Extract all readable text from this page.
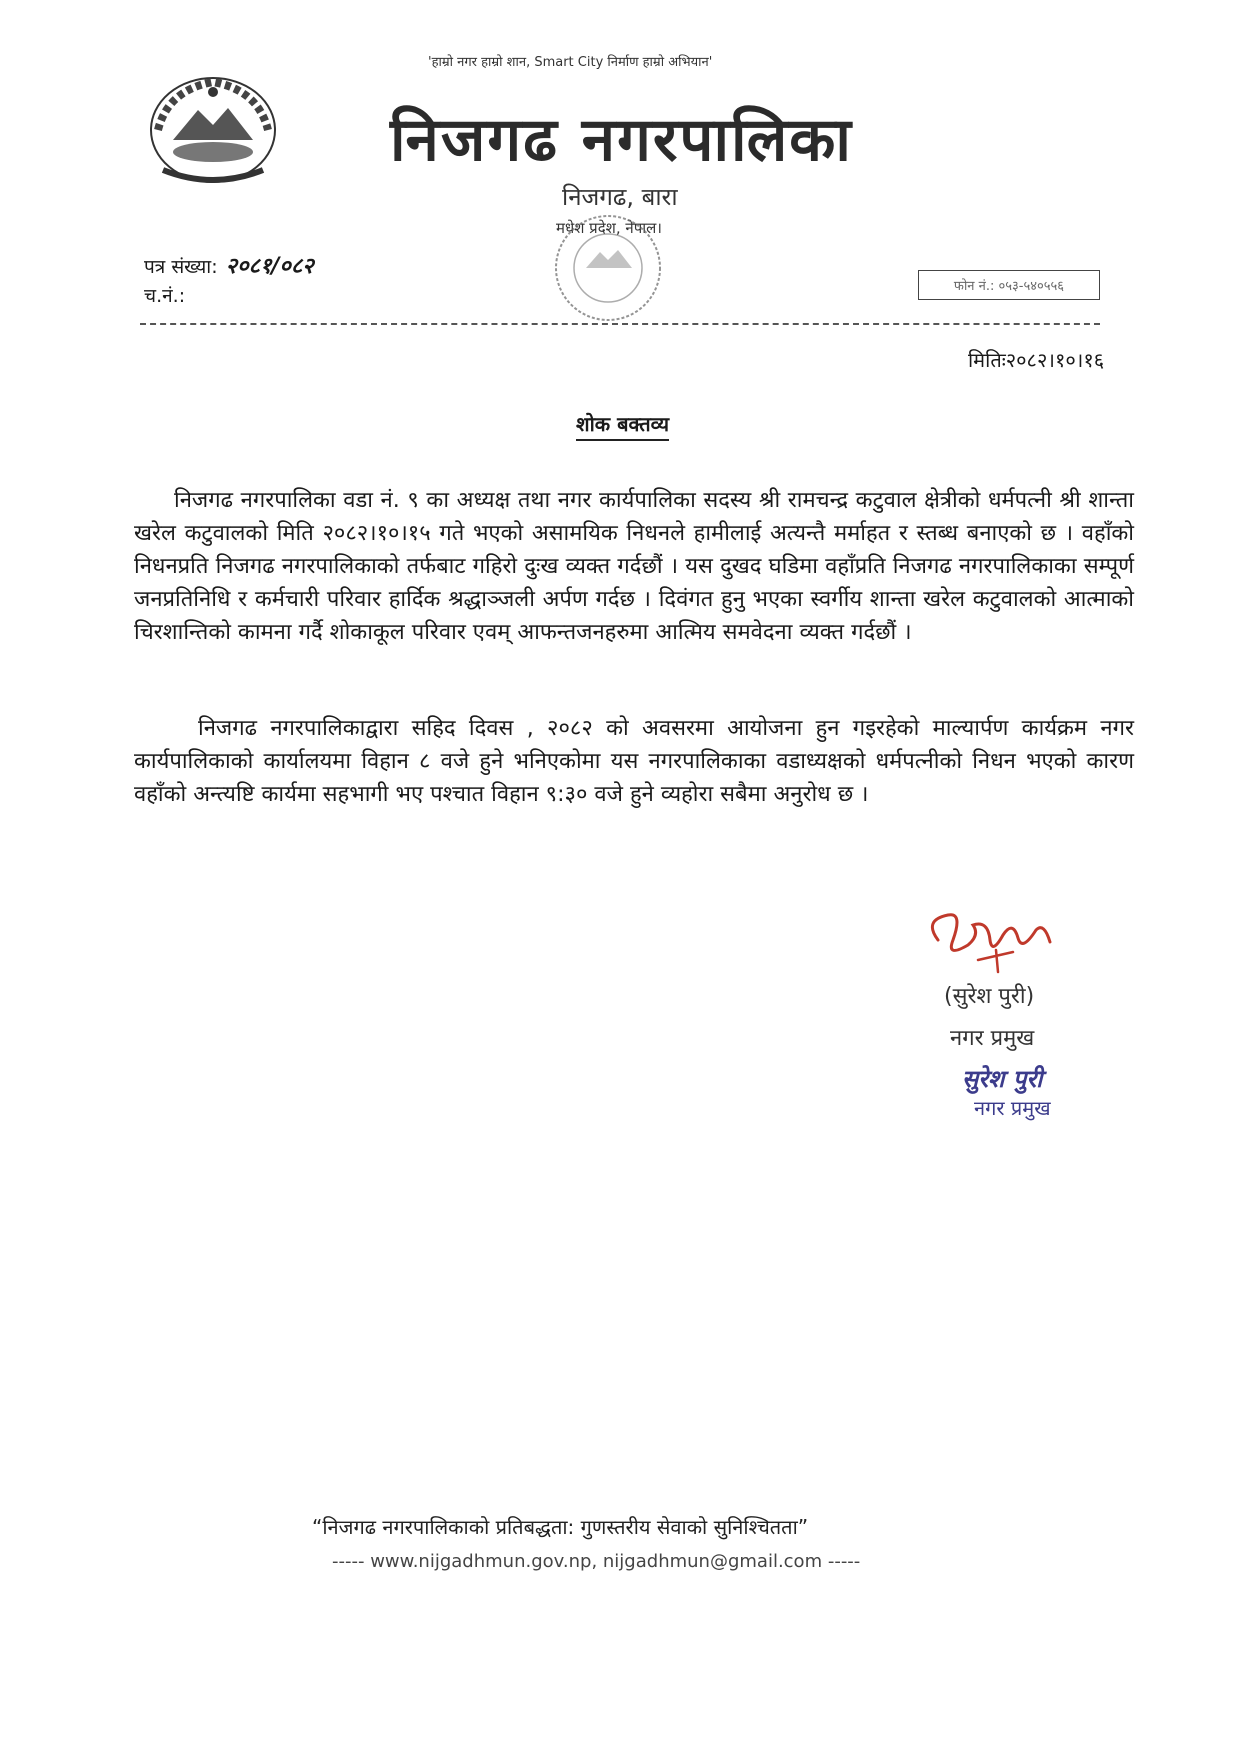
'हाम्रो नगर हाम्रो शान, Smart City निर्माण हाम्रो अभियान'
निजगढ नगरपालिका
निजगढ, बारा
मधेश प्रदेश, नेपाल।
पत्र संख्या: २०८१/०८२
च.नं.:	फोन नं.: ०५३-५४०५५६
मितिः२०८२।१०।१६
शोक बक्तव्य

निजगढ नगरपालिका वडा नं. ९ का अध्यक्ष तथा नगर कार्यपालिका सदस्य श्री रामचन्द्र कटुवाल क्षेत्रीको धर्मपत्नी श्री शान्ता खरेल कटुवालको मिति २०८२।१०।१५ गते भएको असामयिक निधनले हामीलाई अत्यन्तै मर्माहत र स्तब्ध बनाएको छ । वहाँको निधनप्रति निजगढ नगरपालिकाको तर्फबाट गहिरो दुःख व्यक्त गर्दछौं । यस दुखद घडिमा वहाँप्रति निजगढ नगरपालिकाका सम्पूर्ण जनप्रतिनिधि र कर्मचारी परिवार हार्दिक श्रद्धाञ्जली अर्पण गर्दछ । दिवंगत हुनु भएका स्वर्गीय शान्ता खरेल कटुवालको आत्माको चिरशान्तिको कामना गर्दै शोकाकूल परिवार एवम् आफन्तजनहरुमा आत्मिय समवेदना व्यक्त गर्दछौं ।

निजगढ नगरपालिकाद्वारा सहिद दिवस , २०८२ को अवसरमा आयोजना हुन गइरहेको माल्यार्पण कार्यक्रम नगर कार्यपालिकाको कार्यालयमा विहान ८ वजे हुने भनिएकोमा यस नगरपालिकाका वडाध्यक्षको धर्मपत्नीको निधन भएको कारण वहाँको अन्त्यष्टि कार्यमा सहभागी भए पश्चात विहान ९:३० वजे हुने व्यहोरा सबैमा अनुरोध छ ।

(सुरेश पुरी)
नगर प्रमुख
सुरेश पुरी
नगर प्रमुख
“निजगढ नगरपालिकाको प्रतिबद्धता: गुणस्तरीय सेवाको सुनिश्चितता”
----- www.nijgadhmun.gov.np, nijgadhmun@gmail.com -----
